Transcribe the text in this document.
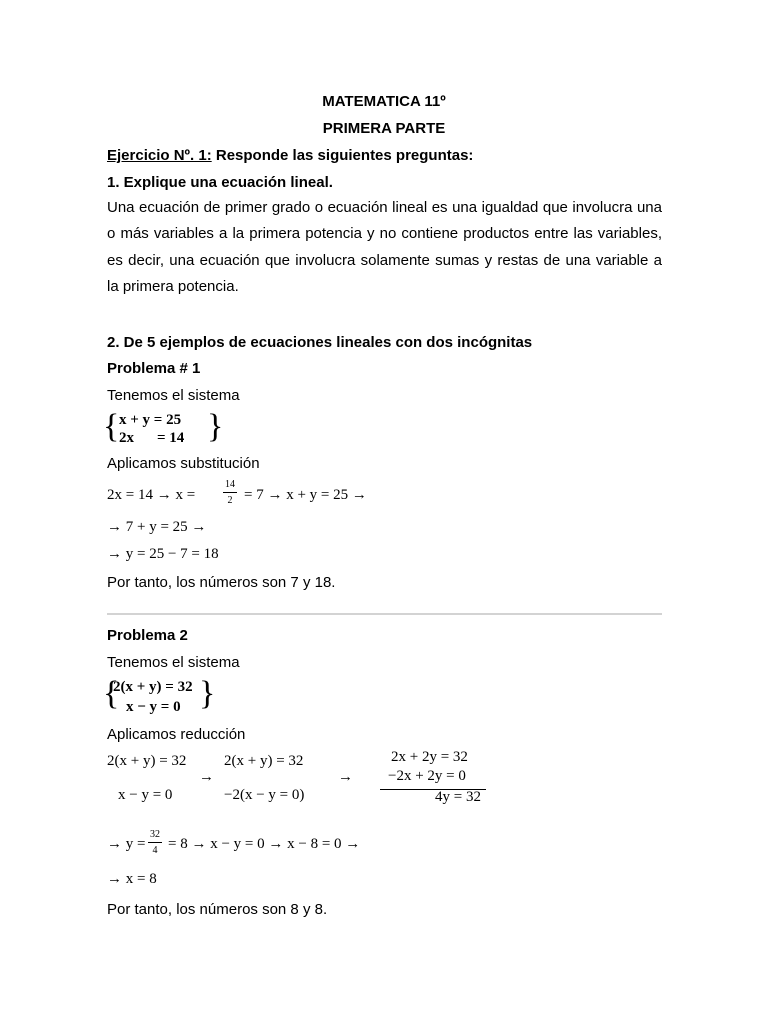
MATEMATICA 11º
PRIMERA PARTE
Ejercicio Nº. 1: Responde las siguientes preguntas:
1. Explique una ecuación lineal.
Una ecuación de primer grado o ecuación lineal es una igualdad que involucra una o más variables a la primera potencia y no contiene productos entre las variables, es decir, una ecuación que involucra solamente sumas y restas de una variable a la primera potencia.
2. De 5 ejemplos de ecuaciones lineales con dos incógnitas
Problema # 1
Tenemos el sistema
{ x + y = 25
2x = 14 }
Aplicamos substitución
2x = 14 → x =
14
2 = 7 → x + y = 25 →
→ 7 + y = 25 →
→ y = 25 − 7 = 18
Por tanto, los números son 7 y 18.
Problema 2
Tenemos el sistema
{
2(x + y) = 32
x − y = 0 }
Aplicamos reducción
2(x + y) = 32
x − y = 0
→
2(x + y) = 32
−2(x − y = 0)
→
2x + 2y = 32
−2x + 2y = 0
4y = 32
→ y =
32
4 = 8 → x − y = 0 → x − 8 = 0 →
→ x = 8
Por tanto, los números son 8 y 8.
